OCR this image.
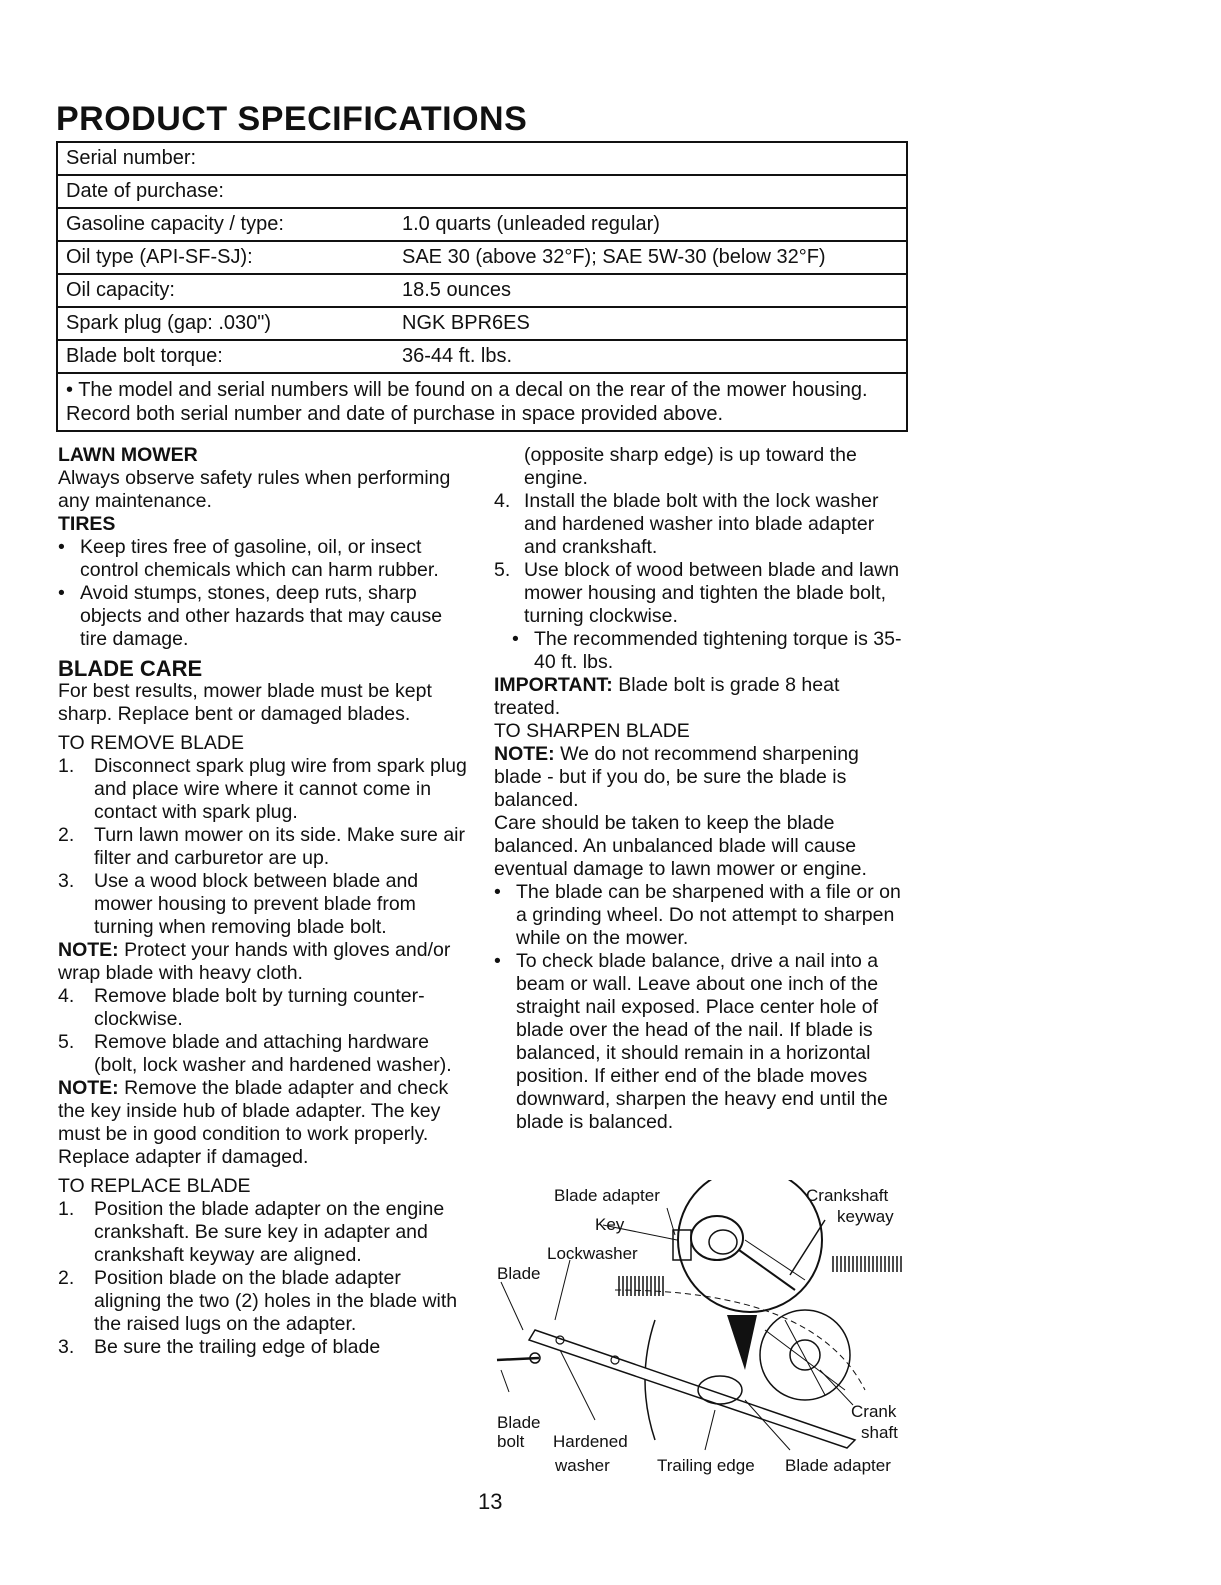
PRODUCT SPECIFICATIONS
Serial number:
Date of purchase:
Gasoline capacity / type:	1.0 quarts (unleaded regular)
Oil type (API-SF-SJ):	SAE 30 (above 32°F); SAE 5W-30 (below 32°F)
Oil capacity:	18.5 ounces
Spark plug (gap: .030")	NGK BPR6ES
Blade bolt torque:	36-44 ft. lbs.
• The model and serial numbers will be found on a decal on the rear of the mower housing. Record both serial number and date of purchase in space provided above.

LAWN MOWER

Always observe safety rules when performing any maintenance.

TIRES

• Keep tires free of gasoline, oil, or insect control chemicals which can harm rubber.

• Avoid stumps, stones, deep ruts, sharp objects and other hazards that may cause tire damage.

BLADE CARE

For best results, mower blade must be kept sharp. Replace bent or damaged blades.

TO REMOVE BLADE

1. Disconnect spark plug wire from spark plug and place wire where it cannot come in contact with spark plug.

2. Turn lawn mower on its side. Make sure air filter and carburetor are up.

3. Use a wood block between blade and mower housing to prevent blade from turning when removing blade bolt.

NOTE: Protect your hands with gloves and/or wrap blade with heavy cloth.

4. Remove blade bolt by turning counter-clockwise.

5. Remove blade and attaching hardware (bolt, lock washer and hardened washer).

NOTE: Remove the blade adapter and check the key inside hub of blade adapter. The key must be in good condition to work properly. Replace adapter if damaged.

TO REPLACE BLADE

1. Position the blade adapter on the engine crankshaft. Be sure key in adapter and crankshaft keyway are aligned.

2. Position blade on the blade adapter aligning the two (2) holes in the blade with the raised lugs on the adapter.

3. Be sure the trailing edge of blade

(opposite sharp edge) is up toward the engine.

4. Install the blade bolt with the lock washer and hardened washer into blade adapter and crankshaft.

5. Use block of wood between blade and lawn mower housing and tighten the blade bolt, turning clockwise.

• The recommended tightening torque is 35-40 ft. lbs.

IMPORTANT: Blade bolt is grade 8 heat treated.

TO SHARPEN BLADE

NOTE: We do not recommend sharpening blade - but if you do, be sure the blade is balanced.

Care should be taken to keep the blade balanced. An unbalanced blade will cause eventual damage to lawn mower or engine.

• The blade can be sharpened with a file or on a grinding wheel. Do not attempt to sharpen while on the mower.

• To check blade balance, drive a nail into a beam or wall. Leave about one inch of the straight nail exposed. Place center hole of blade over the head of the nail. If blade is balanced, it should remain in a horizontal position. If either end of the blade moves downward, sharpen the heavy end until the blade is balanced.

Blade adapter	Crankshaft
keyway
Key
Lockwasher
Blade
Blade
bolt Hardened
washer	Trailing edge Blade adapter
Crank
shaft
13
